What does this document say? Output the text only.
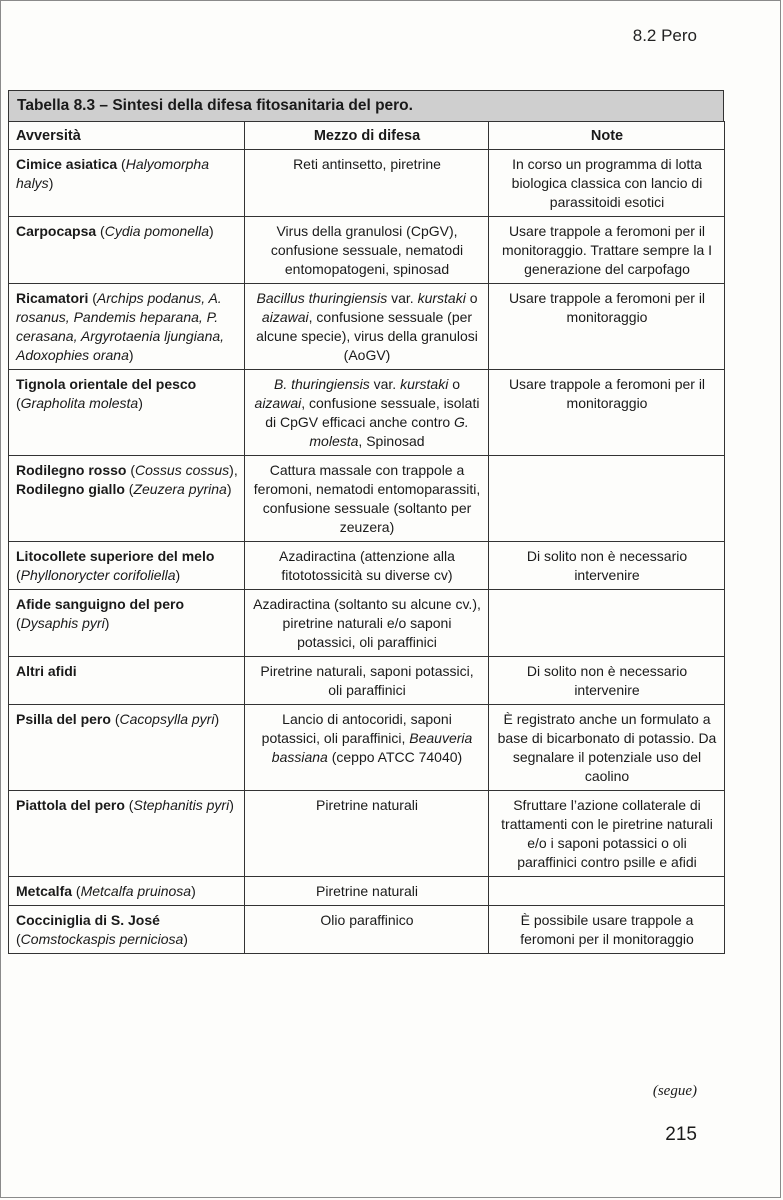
8.2 Pero
Tabella 8.3 – Sintesi della difesa fitosanitaria del pero.
Avversità	Mezzo di difesa	Note
Cimice asiatica (Halyomorpha halys)	Reti antinsetto, piretrine	In corso un programma di lotta biologica classica con lancio di parassitoidi esotici
Carpocapsa (Cydia pomonella)	Virus della granulosi (CpGV), confusione sessuale, nematodi entomopatogeni, spinosad	Usare trappole a feromoni per il monitoraggio. Trattare sempre la I generazione del carpofago
Ricamatori (Archips podanus, A. rosanus, Pandemis heparana, P. cerasana, Argyrotaenia ljungiana, Adoxophies orana)	Bacillus thuringiensis var. kurstaki o aizawai, confusione sessuale (per alcune specie), virus della granulosi (AoGV)	Usare trappole a feromoni per il monitoraggio
Tignola orientale del pesco (Grapholita molesta)	B. thuringiensis var. kurstaki o aizawai, confusione sessuale, isolati di CpGV efficaci anche contro G. molesta, Spinosad	Usare trappole a feromoni per il monitoraggio
Rodilegno rosso (Cossus cossus), Rodilegno giallo (Zeuzera pyrina)	Cattura massale con trappole a feromoni, nematodi entomoparassiti, confusione sessuale (soltanto per zeuzera)	
Litocollete superiore del melo (Phyllonorycter corifoliella)	Azadiractina (attenzione alla fitototossicità su diverse cv)	Di solito non è necessario intervenire
Afide sanguigno del pero (Dysaphis pyri)	Azadiractina (soltanto su alcune cv.), piretrine naturali e/o saponi potassici, oli paraffinici	
Altri afidi	Piretrine naturali, saponi potassici, oli paraffinici	Di solito non è necessario intervenire
Psilla del pero (Cacopsylla pyri)	Lancio di antocoridi, saponi potassici, oli paraffinici, Beauveria bassiana (ceppo ATCC 74040)	È registrato anche un formulato a base di bicarbonato di potassio. Da segnalare il potenziale uso del caolino
Piattola del pero (Stephanitis pyri)	Piretrine naturali	Sfruttare l’azione collaterale di trattamenti con le piretrine naturali e/o i saponi potassici o oli paraffinici contro psille e afidi
Metcalfa (Metcalfa pruinosa)	Piretrine naturali	
Cocciniglia di S. José (Comstockaspis perniciosa)	Olio paraffinico	È possibile usare trappole a feromoni per il monitoraggio
(segue)
215
